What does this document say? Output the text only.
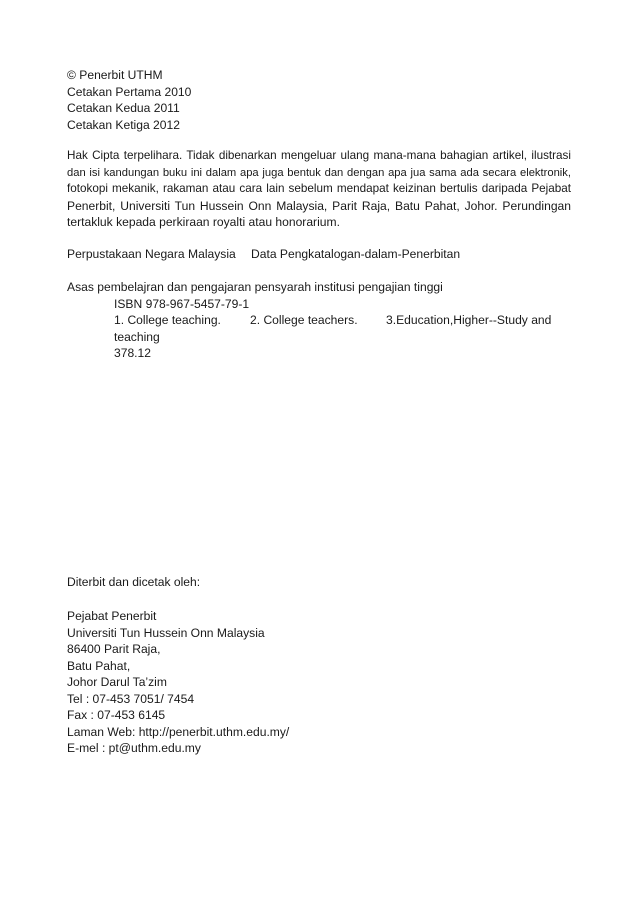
© Penerbit UTHM
Cetakan Pertama 2010
Cetakan Kedua 2011
Cetakan Ketiga 2012
Hak Cipta terpelihara. Tidak dibenarkan mengeluar ulang mana-mana bahagian artikel, ilustrasi
dan isi kandungan buku ini dalam apa juga bentuk dan dengan apa jua sama ada secara elektronik,
fotokopi mekanik, rakaman atau cara lain sebelum mendapat keizinan bertulis daripada Pejabat
Penerbit, Universiti Tun Hussein Onn Malaysia, Parit Raja, Batu Pahat, Johor. Perundingan
tertakluk kepada perkiraan royalti atau honorarium.
Perpustakaan Negara Malaysia Data Pengkatalogan-dalam-Penerbitan
Asas pembelajran dan pengajaran pensyarah institusi pengajian tinggi
ISBN 978-967-5457-79-1
1. College teaching. 2. College teachers. 3.Education,Higher--Study and
teaching
378.12
Diterbit dan dicetak oleh:
Pejabat Penerbit
Universiti Tun Hussein Onn Malaysia
86400 Parit Raja,
Batu Pahat,
Johor Darul Ta’zim
Tel : 07-453 7051/ 7454
Fax : 07-453 6145
Laman Web: http://penerbit.uthm.edu.my/
E-mel : pt@uthm.edu.my
